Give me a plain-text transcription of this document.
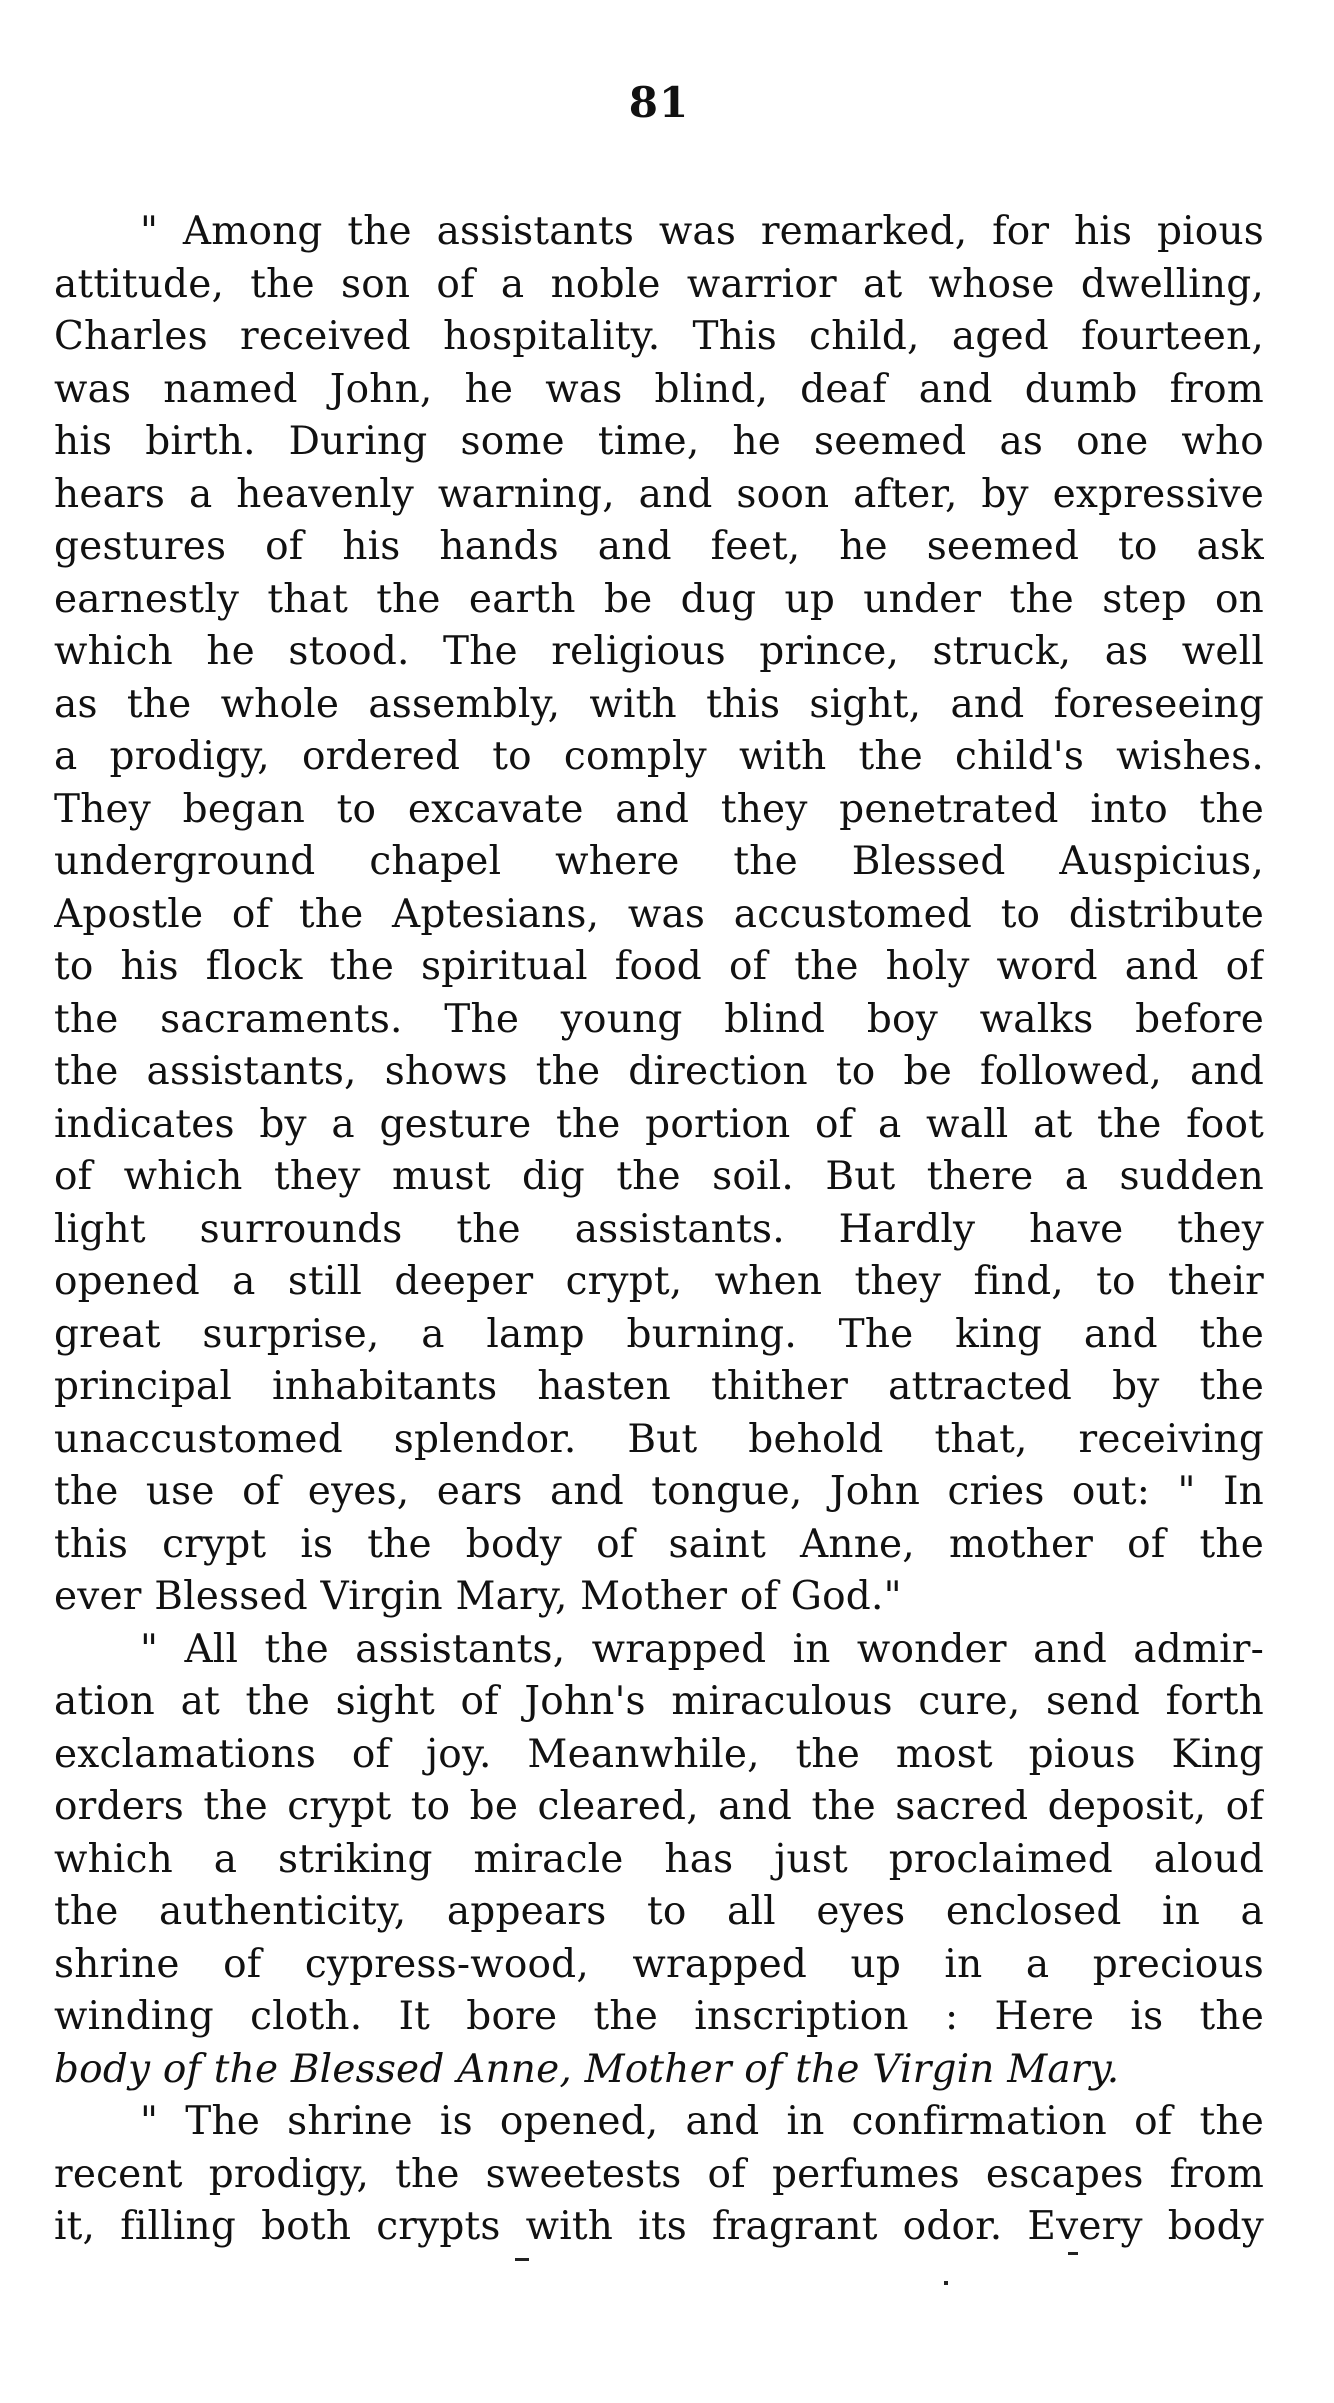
81
" Among the assistants was remarked, for his pious
attitude, the son of a noble warrior at whose dwelling,
Charles received hospitality. This child, aged fourteen,
was named John, he was blind, deaf and dumb from
his birth. During some time, he seemed as one who
hears a heavenly warning, and soon after, by expressive
gestures of his hands and feet, he seemed to ask
earnestly that the earth be dug up under the step on
which he stood. The religious prince, struck, as well
as the whole assembly, with this sight, and foreseeing
a prodigy, ordered to comply with the child's wishes.
They began to excavate and they penetrated into the
underground chapel where the Blessed Auspicius,
Apostle of the Aptesians, was accustomed to distribute
to his flock the spiritual food of the holy word and of
the sacraments. The young blind boy walks before
the assistants, shows the direction to be followed, and
indicates by a gesture the portion of a wall at the foot
of which they must dig the soil. But there a sudden
light surrounds the assistants. Hardly have they
opened a still deeper crypt, when they find, to their
great surprise, a lamp burning. The king and the
principal inhabitants hasten thither attracted by the
unaccustomed splendor. But behold that, receiving
the use of eyes, ears and tongue, John cries out: " In
this crypt is the body of saint Anne, mother of the
ever Blessed Virgin Mary, Mother of God."
" All the assistants, wrapped in wonder and admir-
ation at the sight of John's miraculous cure, send forth
exclamations of joy. Meanwhile, the most pious King
orders the crypt to be cleared, and the sacred deposit, of
which a striking miracle has just proclaimed aloud
the authenticity, appears to all eyes enclosed in a
shrine of cypress-wood, wrapped up in a precious
winding cloth. It bore the inscription : Here is the
body of the Blessed Anne, Mother of the Virgin Mary.
" The shrine is opened, and in confirmation of the
recent prodigy, the sweetests of perfumes escapes from
it, filling both crypts with its fragrant odor. Every body
